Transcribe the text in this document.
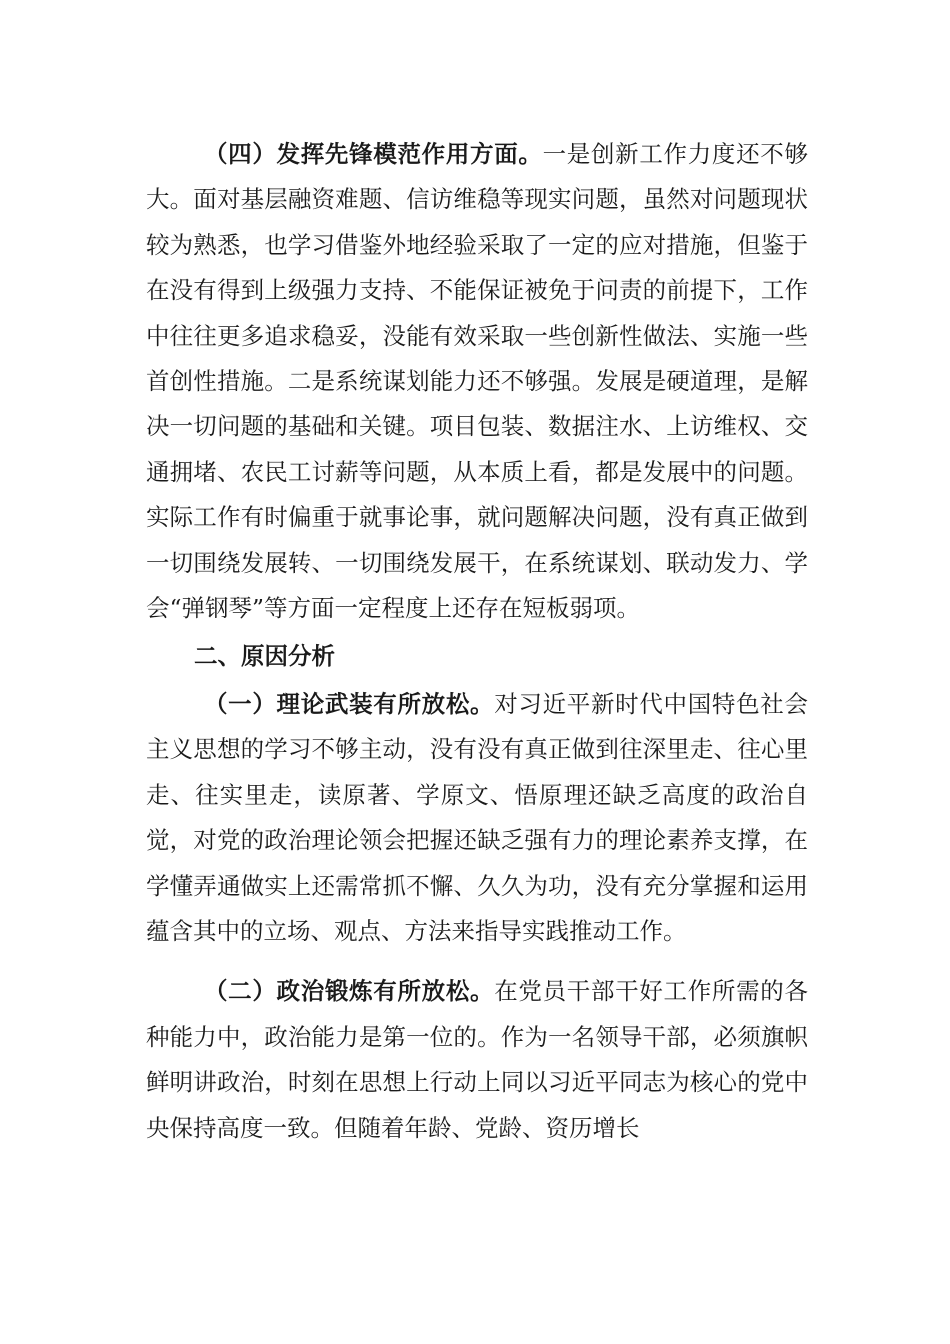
（四）发挥先锋模范作用方面。一是创新工作力度还不够大。面对基层融资难题、信访维稳等现实问题，虽然对问题现状较为熟悉，也学习借鉴外地经验采取了一定的应对措施，但鉴于在没有得到上级强力支持、不能保证被免于问责的前提下，工作中往往更多追求稳妥，没能有效采取一些创新性做法、实施一些首创性措施。二是系统谋划能力还不够强。发展是硬道理，是解决一切问题的基础和关键。项目包装、数据注水、上访维权、交通拥堵、农民工讨薪等问题，从本质上看，都是发展中的问题。实际工作有时偏重于就事论事，就问题解决问题，没有真正做到一切围绕发展转、一切围绕发展干，在系统谋划、联动发力、学会“弹钢琴”等方面一定程度上还存在短板弱项。

二、原因分析

（一）理论武装有所放松。对习近平新时代中国特色社会主义思想的学习不够主动，没有没有真正做到往深里走、往心里走、往实里走，读原著、学原文、悟原理还缺乏高度的政治自觉，对党的政治理论领会把握还缺乏强有力的理论素养支撑，在学懂弄通做实上还需常抓不懈、久久为功，没有充分掌握和运用蕴含其中的立场、观点、方法来指导实践推动工作。

（二）政治锻炼有所放松。在党员干部干好工作所需的各种能力中，政治能力是第一位的。作为一名领导干部，必须旗帜鲜明讲政治，时刻在思想上行动上同以习近平同志为核心的党中央保持高度一致。但随着年龄、党龄、资历增长
